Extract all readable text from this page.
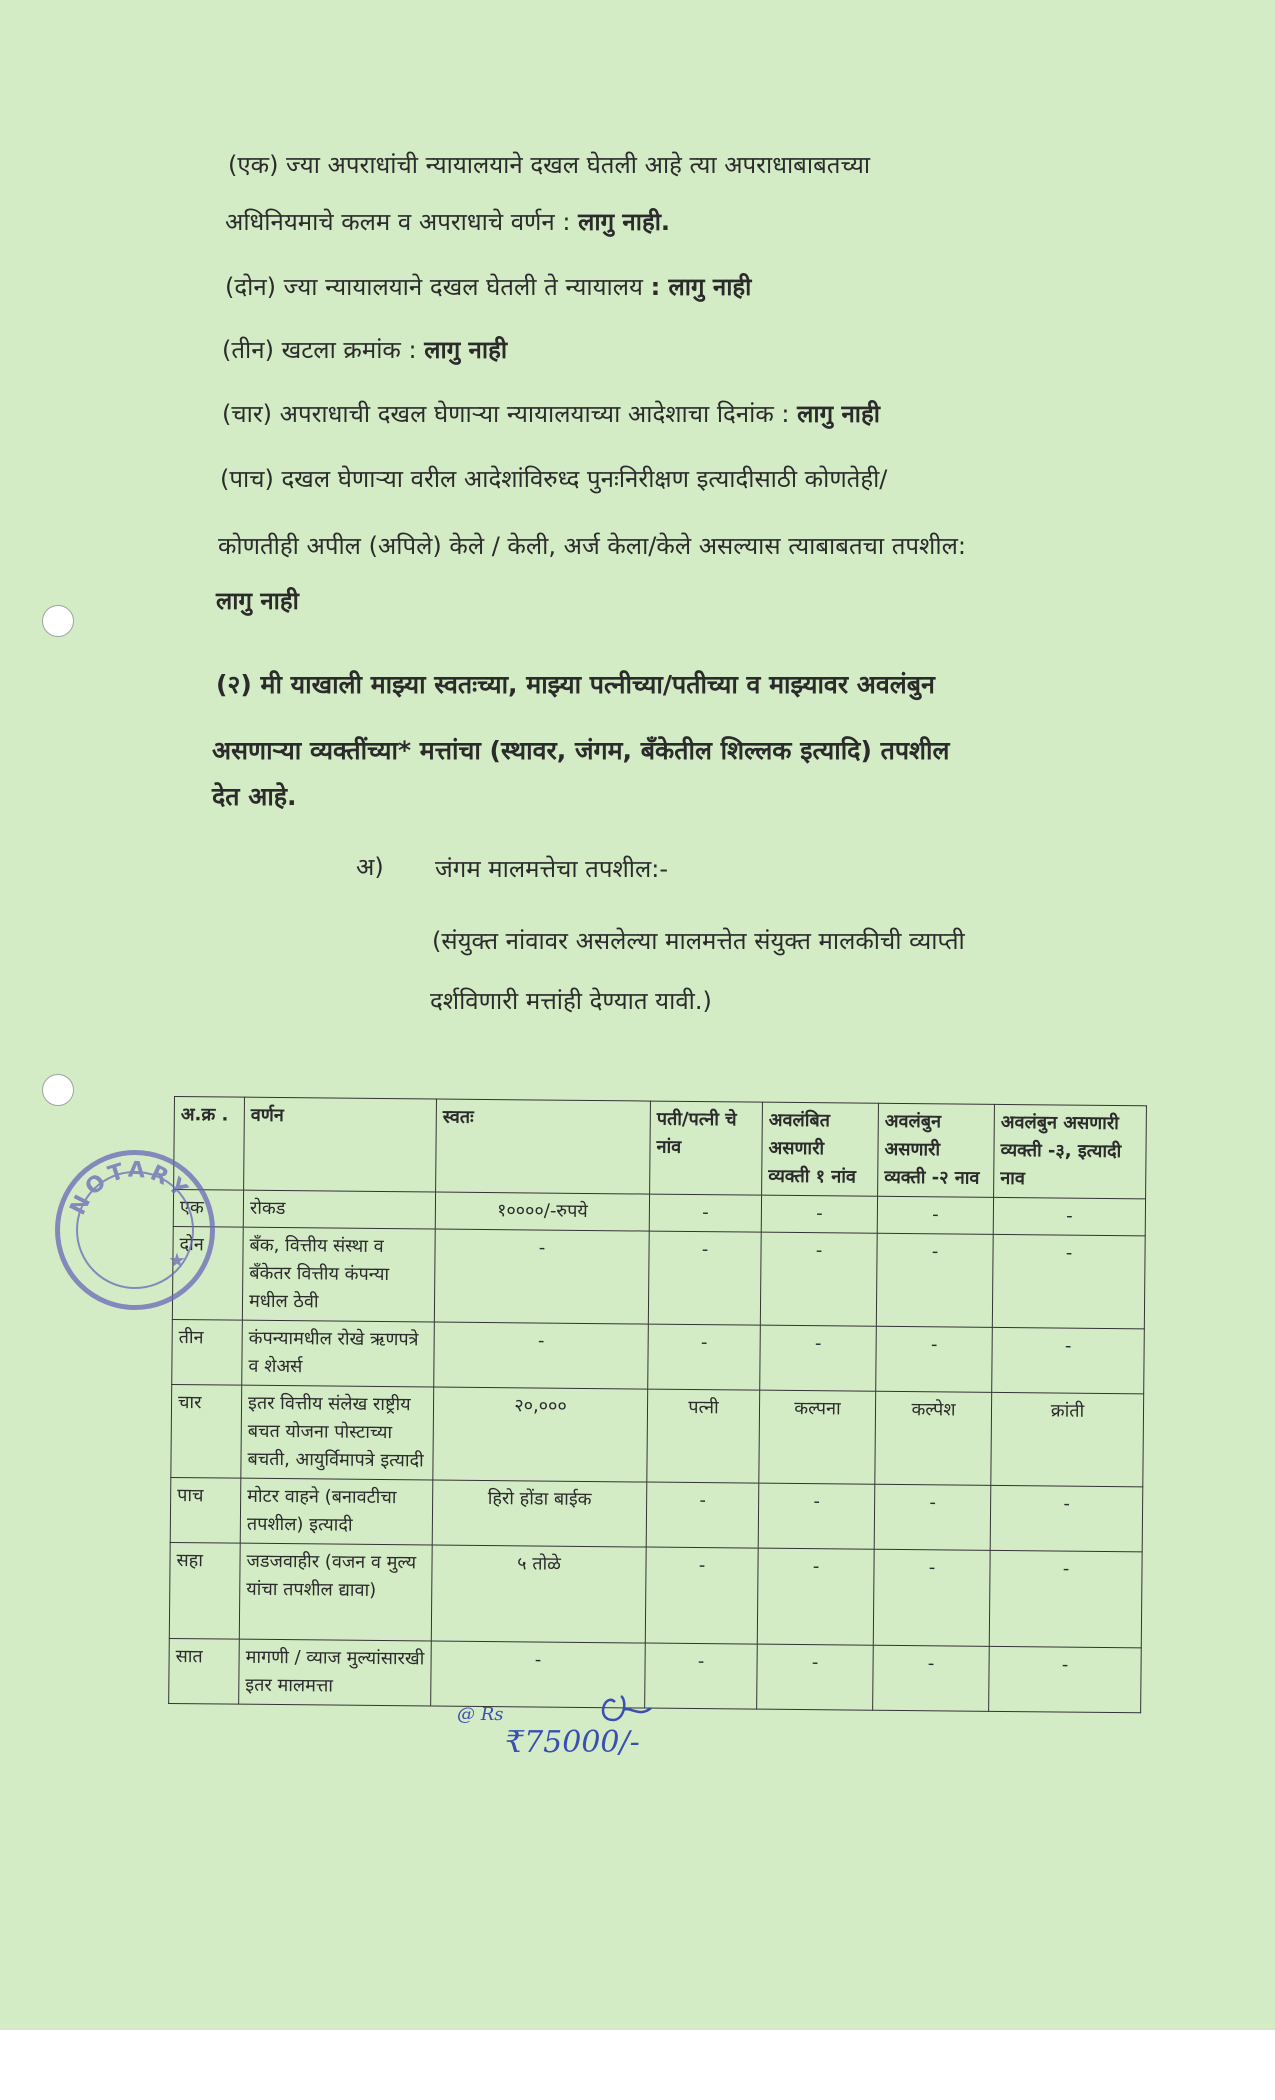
(एक) ज्या अपराधांची न्यायालयाने दखल घेतली आहे त्या अपराधाबाबतच्या
अधिनियमाचे कलम व अपराधाचे वर्णन : लागु नाही.
(दोन) ज्या न्यायालयाने दखल घेतली ते न्यायालय : लागु नाही
(तीन) खटला क्रमांक : लागु नाही
(चार) अपराधाची दखल घेणाऱ्या न्यायालयाच्या आदेशाचा दिनांक : लागु नाही
(पाच) दखल घेणाऱ्या वरील आदेशांविरुध्द पुनःनिरीक्षण इत्यादीसाठी कोणतेही/
कोणतीही अपील (अपिले) केले / केली, अर्ज केला/केले असल्यास त्याबाबतचा तपशील:
लागु नाही
(२) मी याखाली माझ्या स्वतःच्या, माझ्या पत्नीच्या/पतीच्या व माझ्यावर अवलंबुन
असणाऱ्या व्यक्तींच्या* मत्तांचा (स्थावर, जंगम, बँकेतील शिल्लक इत्यादि) तपशील
देत आहे.
अ) जंगम मालमत्तेचा तपशील:-
(संयुक्त नांवावर असलेल्या मालमत्तेत संयुक्त मालकीची व्याप्ती
दर्शविणारी मत्तांही देण्यात यावी.)
अ.क्र .	वर्णन	स्वतः	पती/पत्नी चे नांव	अवलंबित असणारी व्यक्ती १ नांव	अवलंबुन असणारी व्यक्ती -२ नाव	अवलंबुन असणारी व्यक्ती -३, इत्यादी नाव
एक	रोकड	१००००/-रुपये	-	-	-	-
दोन	बँक, वित्तीय संस्था व बँकेतर वित्तीय कंपन्या मधील ठेवी	-	-	-	-	-
तीन	कंपन्यामधील रोखे ऋणपत्रे व शेअर्स	-	-	-	-	-
चार	इतर वित्तीय संलेख राष्ट्रीय बचत योजना पोस्टाच्या बचती, आयुर्विमापत्रे इत्यादी	२०,०००	पत्नी	कल्पना	कल्पेश	क्रांती
पाच	मोटर वाहने (बनावटीचा तपशील) इत्यादी	हिरो होंडा बाईक	-	-	-	-
सहा	जडजवाहीर (वजन व मुल्य यांचा तपशील द्यावा)	५ तोळे	-	-	-	-
सात	मागणी / व्याज मुल्यांसारखी इतर मालमत्ता	-	-	-	-	-
NOTARY
★
@ Rs
₹75000/-
